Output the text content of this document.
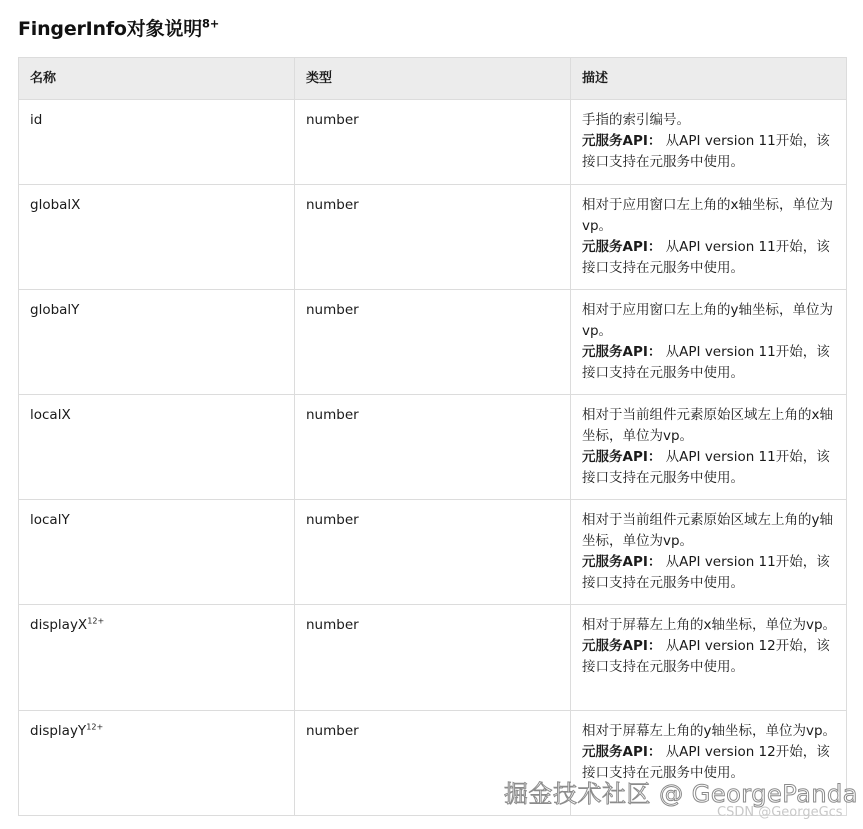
FingerInfo对象说明$^{8+}$
名称	类型	描述
id	number	手指的索引编号。
元服务API： 从API version 11开始，该接口支持在元服务中使用。
globalX	number	相对于应用窗口左上角的x轴坐标，单位为vp。
元服务API： 从API version 11开始，该接口支持在元服务中使用。
globalY	number	相对于应用窗口左上角的y轴坐标，单位为vp。
元服务API： 从API version 11开始，该接口支持在元服务中使用。
localX	number	相对于当前组件元素原始区域左上角的x轴坐标，单位为vp。
元服务API： 从API version 11开始，该接口支持在元服务中使用。
localY	number	相对于当前组件元素原始区域左上角的y轴坐标，单位为vp。
元服务API： 从API version 11开始，该接口支持在元服务中使用。
displayX$^{12+}$	number	相对于屏幕左上角的x轴坐标，单位为vp。
元服务API： 从API version 12开始，该接口支持在元服务中使用。
displayY$^{12+}$	number	相对于屏幕左上角的y轴坐标，单位为vp。
元服务API： 从API version 12开始，该接口支持在元服务中使用。
掘金技术社区 @ GeorgePanda
CSDN @GeorgeGcs
